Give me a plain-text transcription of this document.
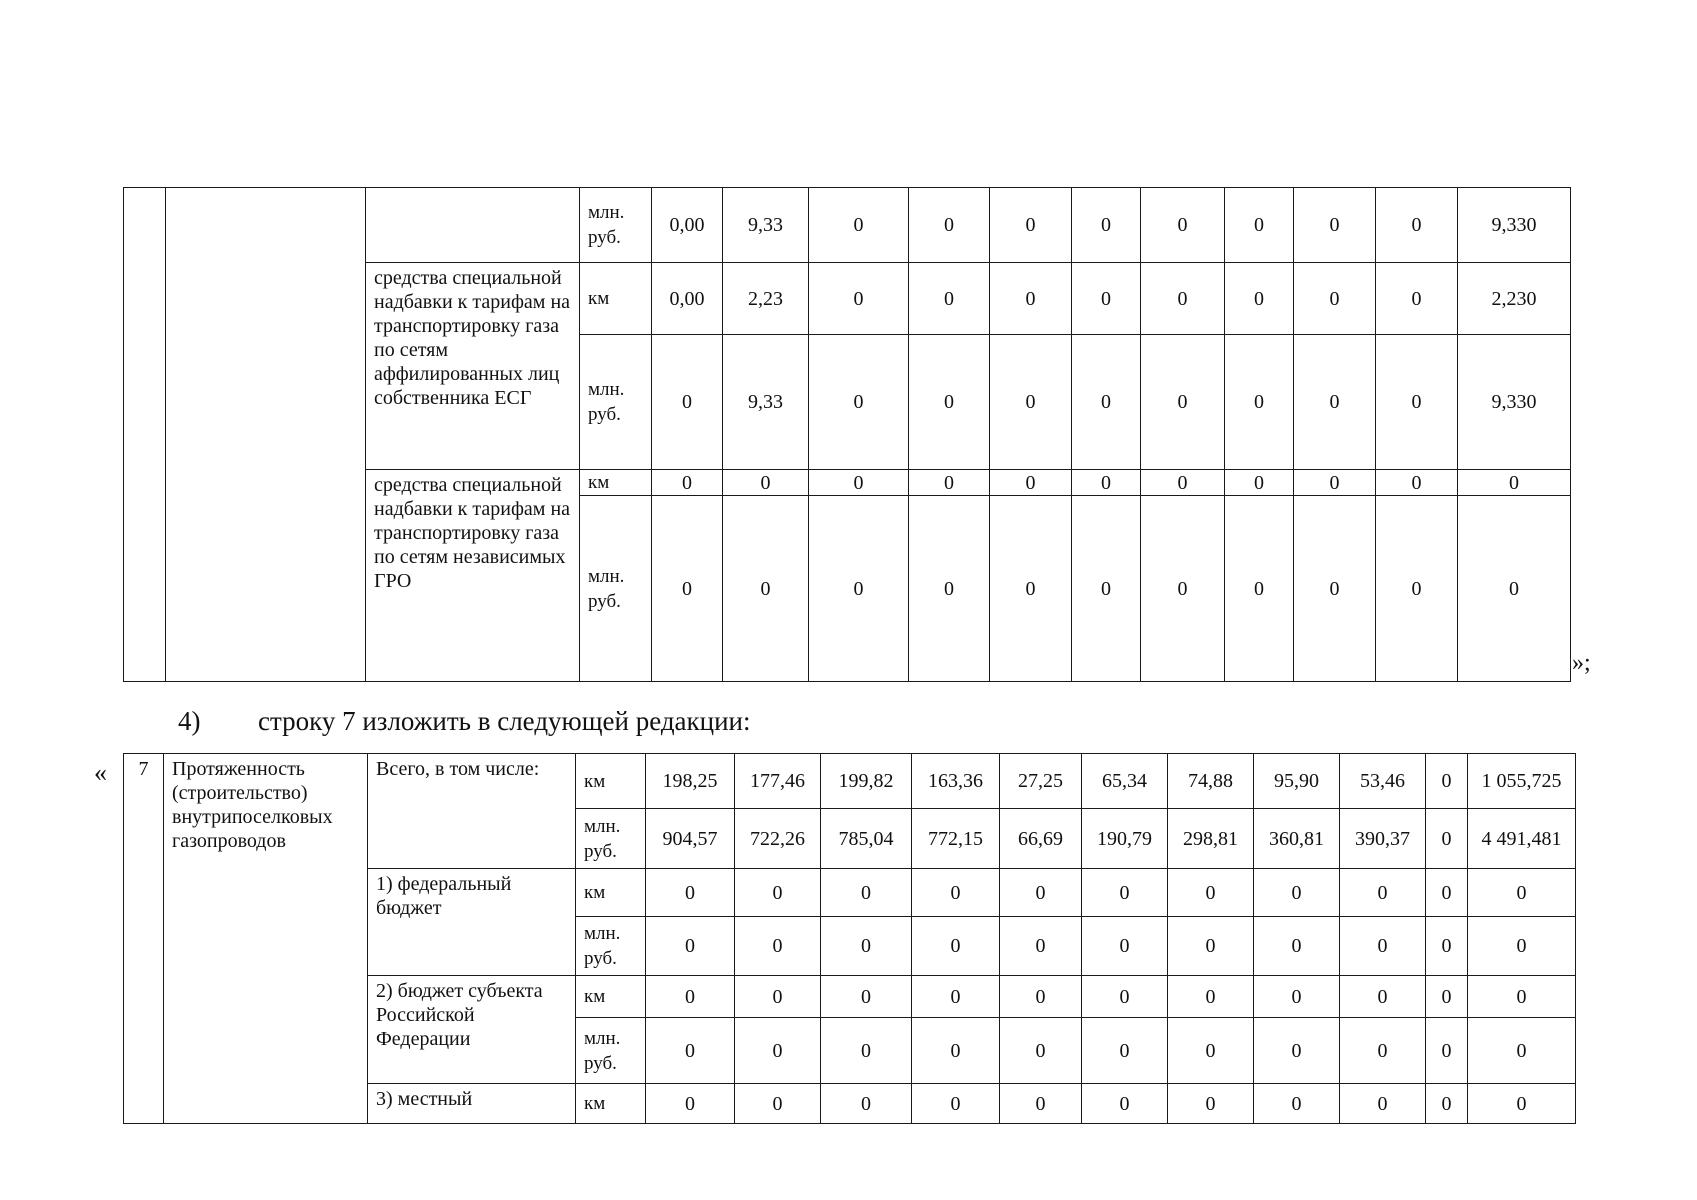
			млн. руб.	0,00	9,33	0	0	0	0	0	0	0	0	9,330
		средства специальной надбавки к тарифам на транспортировку газа по сетям аффилированных лиц собственника ЕСГ	км	0,00	2,23	0	0	0	0	0	0	0	0	2,230
			млн. руб.	0	9,33	0	0	0	0	0	0	0	0	9,330
		средства специальной надбавки к тарифам на транспортировку газа по сетям независимых ГРО	км	0	0	0	0	0	0	0	0	0	0	0
			млн. руб.	0	0	0	0	0	0	0	0	0	0	0
»;
4) строку 7 изложить в следующей редакции:
« 7	Протяженность (строительство) внутрипоселковых газопроводов	Всего, в том числе:	км	198,25	177,46	199,82	163,36	27,25	65,34	74,88	95,90	53,46	0	1 055,725
			млн. руб.	904,57	722,26	785,04	772,15	66,69	190,79	298,81	360,81	390,37	0	4 491,481
		1) федеральный бюджет	км	0	0	0	0	0	0	0	0	0	0	0
			млн. руб.	0	0	0	0	0	0	0	0	0	0	0
		2) бюджет субъекта Российской Федерации	км	0	0	0	0	0	0	0	0	0	0	0
			млн. руб.	0	0	0	0	0	0	0	0	0	0	0
		3) местный	км	0	0	0	0	0	0	0	0	0	0	0
